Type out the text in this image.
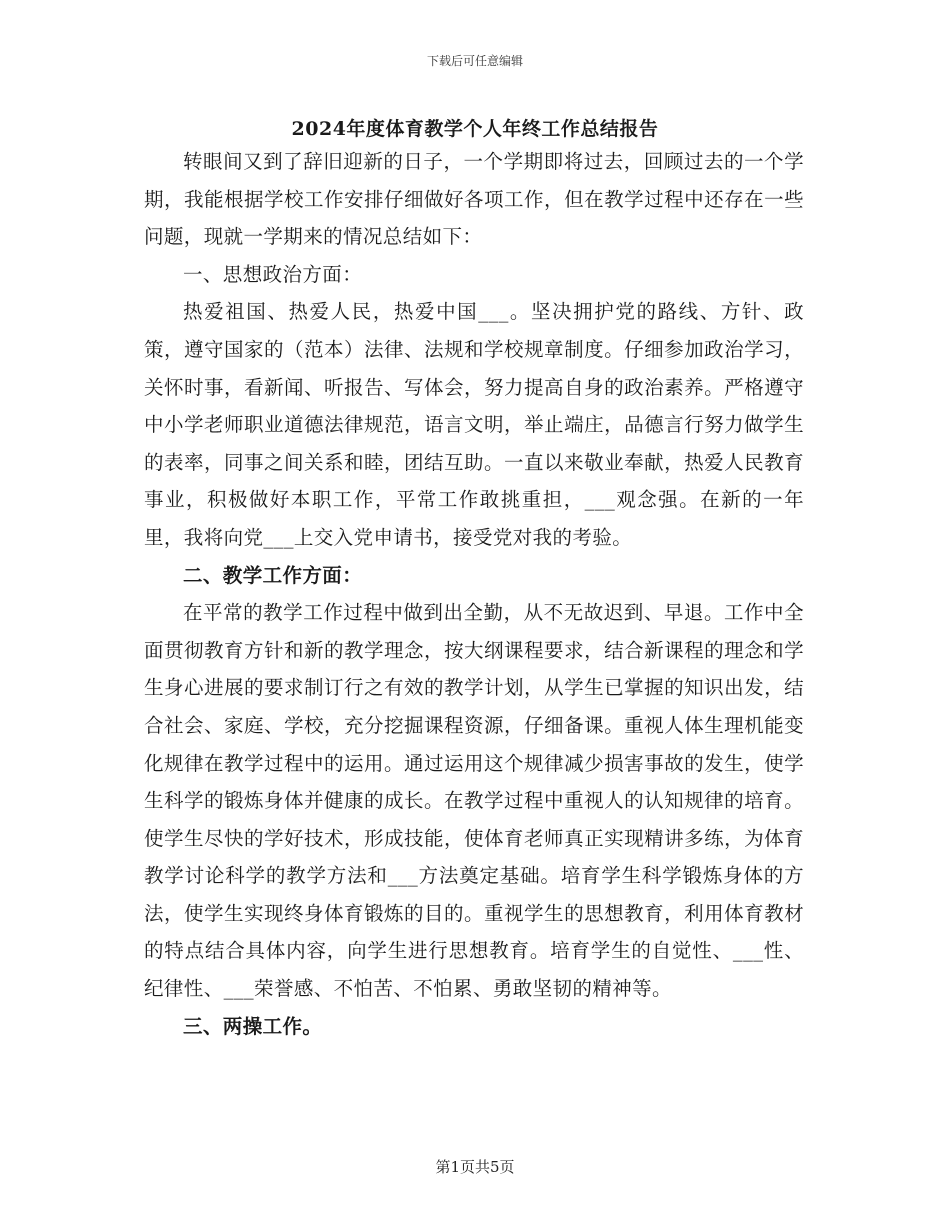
下载后可任意编辑
2024年度体育教学个人年终工作总结报告

转眼间又到了辞旧迎新的日子，一个学期即将过去，回顾过去的一个学期，我能根据学校工作安排仔细做好各项工作，但在教学过程中还存在一些问题，现就一学期来的情况总结如下：

一、思想政治方面：

热爱祖国、热爱人民，热爱中国___。坚决拥护党的路线、方针、政策，遵守国家的（范本）法律、法规和学校规章制度。仔细参加政治学习，关怀时事，看新闻、听报告、写体会，努力提高自身的政治素养。严格遵守中小学老师职业道德法律规范，语言文明，举止端庄，品德言行努力做学生的表率，同事之间关系和睦，团结互助。一直以来敬业奉献，热爱人民教育事业，积极做好本职工作，平常工作敢挑重担，___观念强。在新的一年里，我将向党___上交入党申请书，接受党对我的考验。

二、教学工作方面：

在平常的教学工作过程中做到出全勤，从不无故迟到、早退。工作中全面贯彻教育方针和新的教学理念，按大纲课程要求，结合新课程的理念和学生身心进展的要求制订行之有效的教学计划，从学生已掌握的知识出发，结合社会、家庭、学校，充分挖掘课程资源，仔细备课。重视人体生理机能变化规律在教学过程中的运用。通过运用这个规律减少损害事故的发生，使学生科学的锻炼身体并健康的成长。在教学过程中重视人的认知规律的培育。使学生尽快的学好技术，形成技能，使体育老师真正实现精讲多练，为体育教学讨论科学的教学方法和___方法奠定基础。培育学生科学锻炼身体的方法，使学生实现终身体育锻炼的目的。重视学生的思想教育，利用体育教材的特点结合具体内容，向学生进行思想教育。培育学生的自觉性、___性、纪律性、___荣誉感、不怕苦、不怕累、勇敢坚韧的精神等。

三、两操工作。

第1页共5页
